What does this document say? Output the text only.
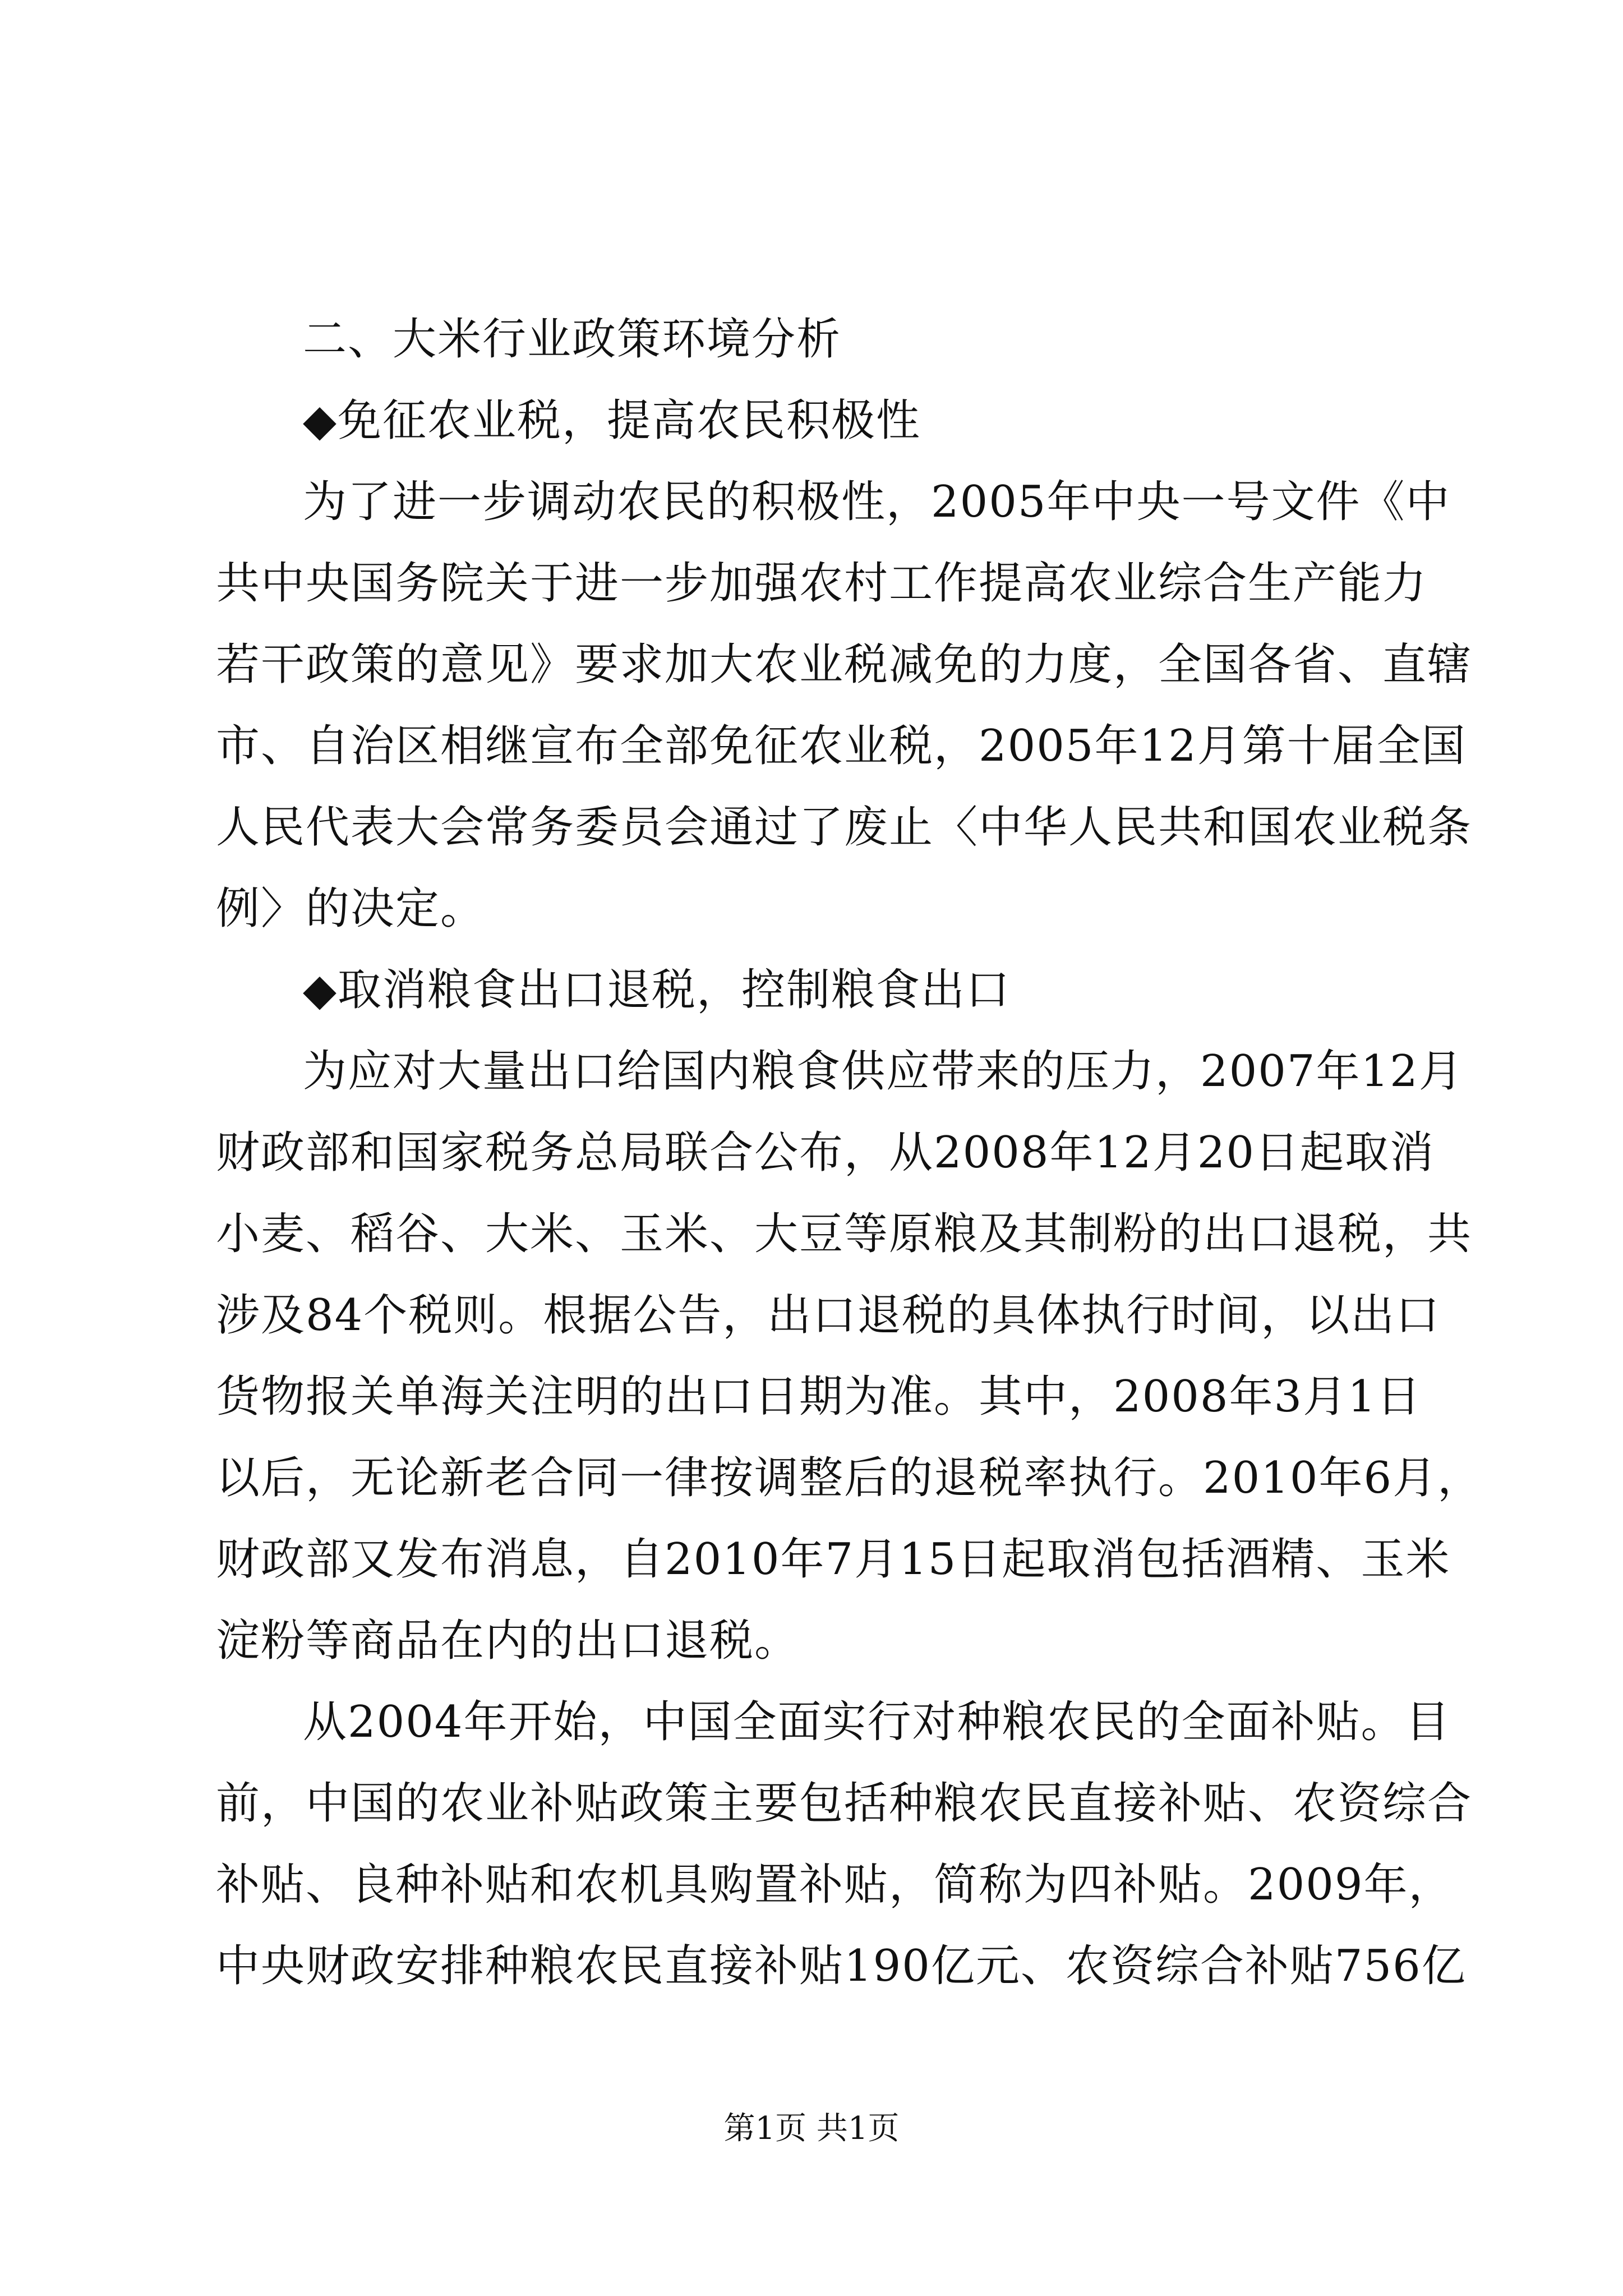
二、大米行业政策环境分析
◆免征农业税，提高农民积极性
为了进一步调动农民的积极性，2005年中央一号文件《中
共中央国务院关于进一步加强农村工作提高农业综合生产能力
若干政策的意见》要求加大农业税减免的力度，全国各省、直辖
市、自治区相继宣布全部免征农业税，2005年12月第十届全国
人民代表大会常务委员会通过了废止〈中华人民共和国农业税条
例〉的决定。
◆取消粮食出口退税，控制粮食出口
为应对大量出口给国内粮食供应带来的压力，2007年12月
财政部和国家税务总局联合公布，从2008年12月20日起取消
小麦、稻谷、大米、玉米、大豆等原粮及其制粉的出口退税，共
涉及84个税则。根据公告，出口退税的具体执行时间，以出口
货物报关单海关注明的出口日期为准。其中，2008年3月1日
以后，无论新老合同一律按调整后的退税率执行。2010年6月，
财政部又发布消息，自2010年7月15日起取消包括酒精、玉米
淀粉等商品在内的出口退税。
从2004年开始，中国全面实行对种粮农民的全面补贴。目
前，中国的农业补贴政策主要包括种粮农民直接补贴、农资综合
补贴、良种补贴和农机具购置补贴，简称为四补贴。2009年，
中央财政安排种粮农民直接补贴190亿元、农资综合补贴756亿
第1页 共1页
